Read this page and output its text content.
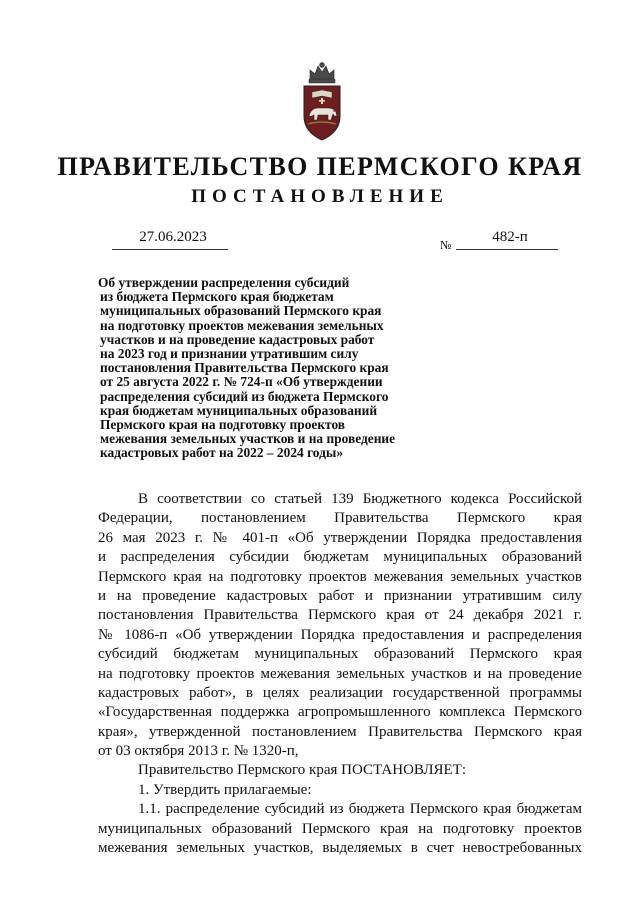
ПРАВИТЕЛЬСТВО ПЕРМСКОГО КРАЯ
ПОСТАНОВЛЕНИЕ
27.06.2023	№	482-п
Об утверждении распределения субсидий
из бюджета Пермского края бюджетам
муниципальных образований Пермского края
на подготовку проектов межевания земельных
участков и на проведение кадастровых работ
на 2023 год и признании утратившим силу
постановления Правительства Пермского края
от 25 августа 2022 г. № 724-п «Об утверждении
распределения субсидий из бюджета Пермского
края бюджетам муниципальных образований
Пермского края на подготовку проектов
межевания земельных участков и на проведение
кадастровых работ на 2022 – 2024 годы»
В соответствии со статьей 139 Бюджетного кодекса Российской
Федерации, постановлением Правительства Пермского края
26 мая 2023 г. № 401-п «Об утверждении Порядка предоставления
и распределения субсидии бюджетам муниципальных образований
Пермского края на подготовку проектов межевания земельных участков
и на проведение кадастровых работ и признании утратившим силу
постановления Правительства Пермского края от 24 декабря 2021 г.
№ 1086-п «Об утверждении Порядка предоставления и распределения
субсидий бюджетам муниципальных образований Пермского края
на подготовку проектов межевания земельных участков и на проведение
кадастровых работ», в целях реализации государственной программы
«Государственная поддержка агропромышленного комплекса Пермского
края», утвержденной постановлением Правительства Пермского края
от 03 октября 2013 г. № 1320-п,
Правительство Пермского края ПОСТАНОВЛЯЕТ:
1. Утвердить прилагаемые:
1.1. распределение субсидий из бюджета Пермского края бюджетам
муниципальных образований Пермского края на подготовку проектов
межевания земельных участков, выделяемых в счет невостребованных
